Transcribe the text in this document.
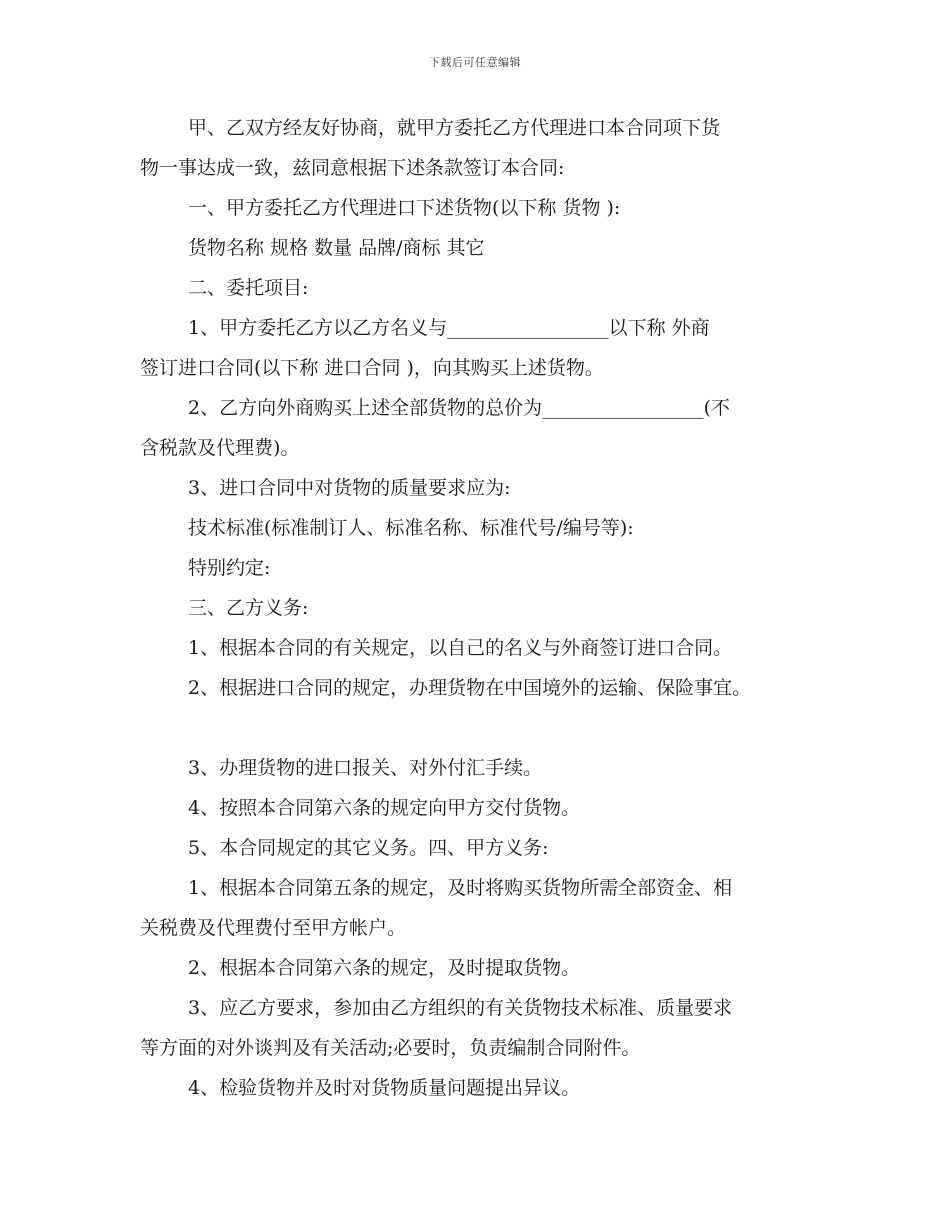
下载后可任意编辑
甲、乙双方经友好协商，就甲方委托乙方代理进口本合同项下货
物一事达成一致，兹同意根据下述条款签订本合同:
一、甲方委托乙方代理进口下述货物(以下称 货物 ):
货物名称 规格 数量 品牌/商标 其它
二、委托项目:
1、甲方委托乙方以乙方名义与_________________以下称 外商
签订进口合同(以下称 进口合同 )，向其购买上述货物。
2、乙方向外商购买上述全部货物的总价为_________________(不
含税款及代理费)。
3、进口合同中对货物的质量要求应为:
技术标准(标准制订人、标准名称、标准代号/编号等):
特别约定:
三、乙方义务:
1、根据本合同的有关规定，以自己的名义与外商签订进口合同。
2、根据进口合同的规定，办理货物在中国境外的运输、保险事宜。
3、办理货物的进口报关、对外付汇手续。
4、按照本合同第六条的规定向甲方交付货物。
5、本合同规定的其它义务。四、甲方义务:
1、根据本合同第五条的规定，及时将购买货物所需全部资金、相
关税费及代理费付至甲方帐户。
2、根据本合同第六条的规定，及时提取货物。
3、应乙方要求，参加由乙方组织的有关货物技术标准、质量要求
等方面的对外谈判及有关活动;必要时，负责编制合同附件。
4、检验货物并及时对货物质量问题提出异议。
